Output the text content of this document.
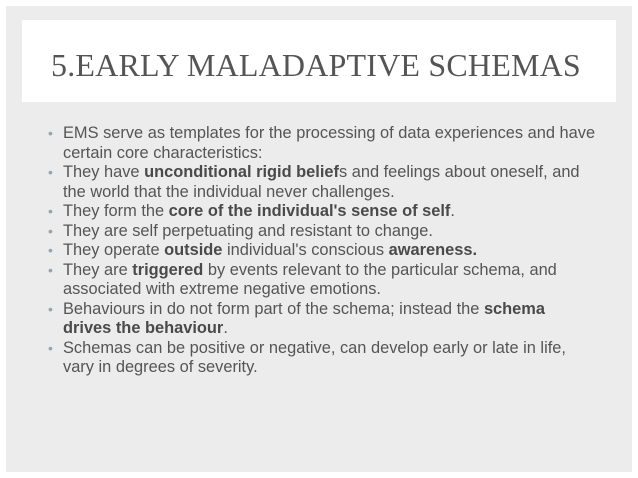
5.EARLY MALADAPTIVE SCHEMAS
• EMS serve as templates for the processing of data experiences and have certain core characteristics:
• They have unconditional rigid beliefs and feelings about oneself, and the world that the individual never challenges.
• They form the core of the individual's sense of self.
• They are self perpetuating and resistant to change.
• They operate outside individual's conscious awareness.
• They are triggered by events relevant to the particular schema, and associated with extreme negative emotions.
• Behaviours in do not form part of the schema; instead the schema drives the behaviour.
• Schemas can be positive or negative, can develop early or late in life, vary in degrees of severity.
